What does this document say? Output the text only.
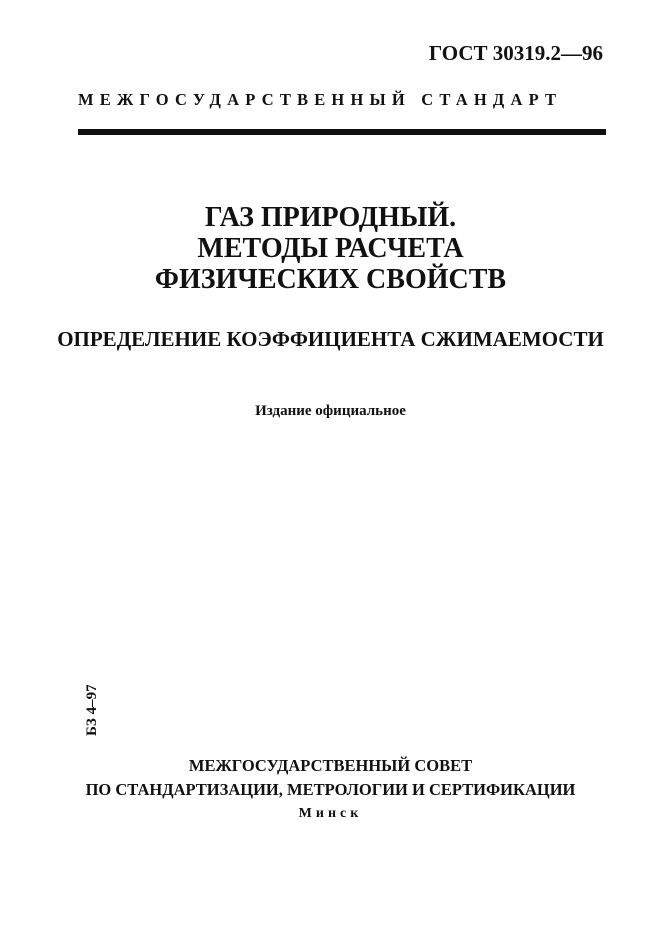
ГОСТ 30319.2—96
МЕЖГОСУДАРСТВЕННЫЙ СТАНДАРТ
ГАЗ ПРИРОДНЫЙ.
МЕТОДЫ РАСЧЕТА
ФИЗИЧЕСКИХ СВОЙСТВ
ОПРЕДЕЛЕНИЕ КОЭФФИЦИЕНТА СЖИМАЕМОСТИ
Издание официальное
БЗ 4–97
МЕЖГОСУДАРСТВЕННЫЙ СОВЕТ
ПО СТАНДАРТИЗАЦИИ, МЕТРОЛОГИИ И СЕРТИФИКАЦИИ
Минск
